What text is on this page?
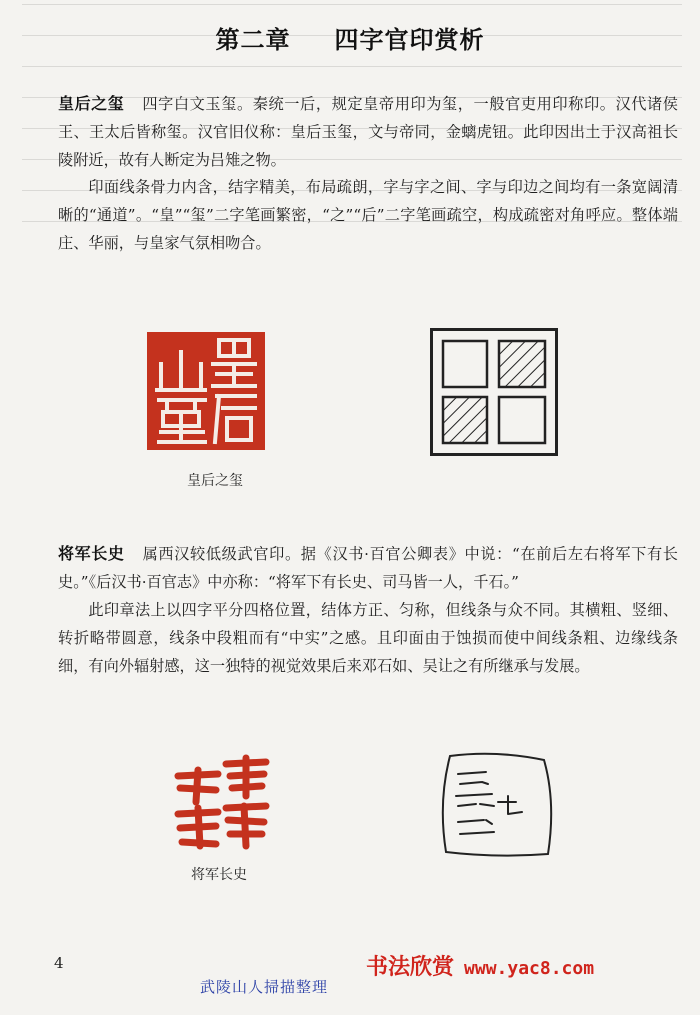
第二章 四字官印赏析
皇后之玺 四字白文玉玺。秦统一后，规定皇帝用印为玺，一般官吏用印称印。汉代诸侯王、王太后皆称玺。汉官旧仪称：皇后玉玺，文与帝同，金螭虎钮。此印因出土于汉高祖长陵附近，故有人断定为吕雉之物。
印面线条骨力内含，结字精美，布局疏朗，字与字之间、字与印边之间均有一条宽阔清晰的“通道”。“皇”“玺”二字笔画繁密，“之”“后”二字笔画疏空，构成疏密对角呼应。整体端庄、华丽，与皇家气氛相吻合。
皇后之玺
将军长史 属西汉较低级武官印。据《汉书·百官公卿表》中说：“在前后左右将军下有长史。”《后汉书·百官志》中亦称：“将军下有长史、司马皆一人，千石。”
此印章法上以四字平分四格位置，结体方正、匀称，但线条与众不同。其横粗、竖细、转折略带圆意，线条中段粗而有“中实”之感。且印面由于蚀损而使中间线条粗、边缘线条细，有向外辐射感，这一独特的视觉效果后来邓石如、吴让之有所继承与发展。
将军长史
4
武陵山人掃描整理
书法欣赏 www.yac8.com
